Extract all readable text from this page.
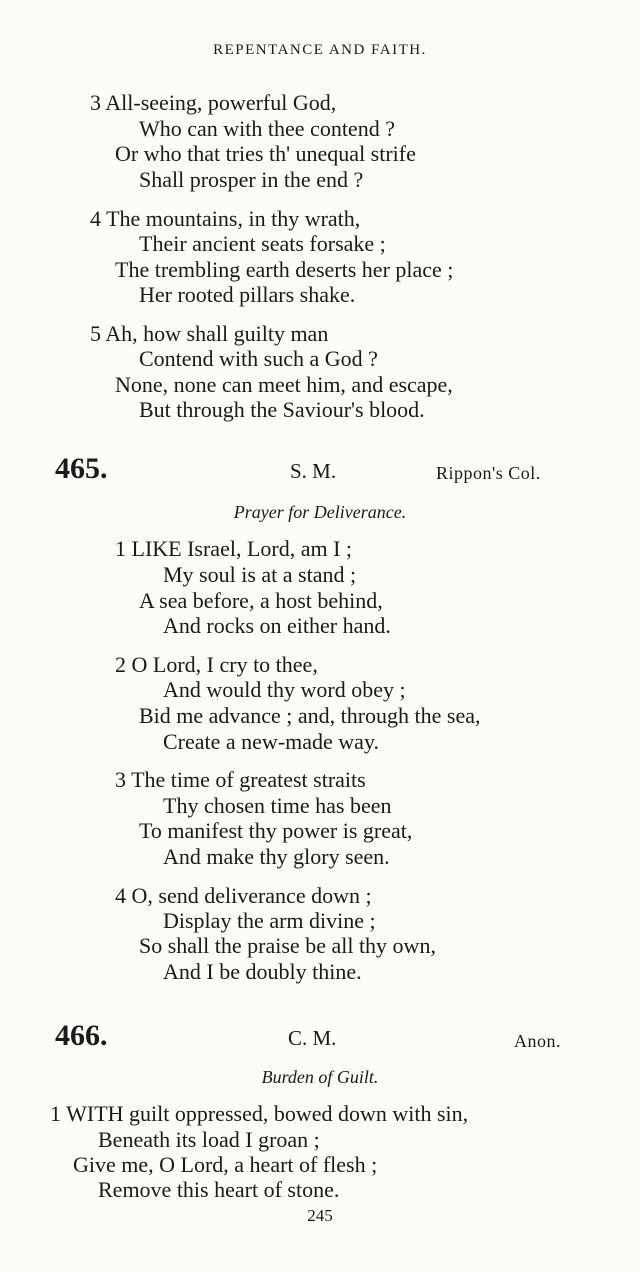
REPENTANCE AND FAITH.
3 All-seeing, powerful God,
Who can with thee contend ?
Or who that tries th' unequal strife
Shall prosper in the end ?
4 The mountains, in thy wrath,
Their ancient seats forsake ;
The trembling earth deserts her place ;
Her rooted pillars shake.
5 Ah, how shall guilty man
Contend with such a God ?
None, none can meet him, and escape,
But through the Saviour's blood.
465.	S. M.	Rippon's Col.
Prayer for Deliverance.
1 LIKE Israel, Lord, am I ;
My soul is at a stand ;
A sea before, a host behind,
And rocks on either hand.
2 O Lord, I cry to thee,
And would thy word obey ;
Bid me advance ; and, through the sea,
Create a new-made way.
3 The time of greatest straits
Thy chosen time has been
To manifest thy power is great,
And make thy glory seen.
4 O, send deliverance down ;
Display the arm divine ;
So shall the praise be all thy own,
And I be doubly thine.
466.	C. M.	Anon.
Burden of Guilt.
1 WITH guilt oppressed, bowed down with sin,
Beneath its load I groan ;
Give me, O Lord, a heart of flesh ;
Remove this heart of stone.
245
